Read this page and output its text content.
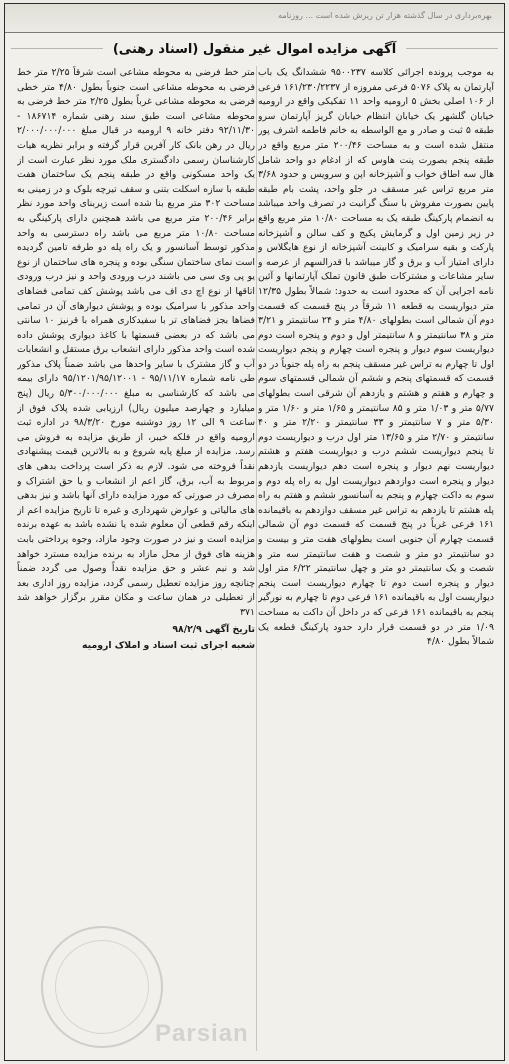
بهره‌برداری در سال گذشته هزار تن ریزش شده است ... روزنامه
آگهی مزایده اموال غیر منقول (اسناد رهنی)

به موجب پرونده اجرائی کلاسه ۹۵۰۰۲۳۷ ششدانگ یک باب آپارتمان به پلاک ۵۰۷۶ فرعی مفروزه از ۱۶۱/۲۳۰/۲۲۳۷ فرعی از ۱۰۶ اصلی بخش ۵ ارومیه واحد ۱۱ تفکیکی واقع در ارومیه خیابان گلشهر یک خیابان انتظام خیابان گریز آپارتمان سرو طبقه ۵ ثبت و صادر و مع الواسطه به خانم فاطمه اشرف پور منتقل شده است و به مساحت ۲۰۰/۴۶ متر مربع واقع در طبقه پنجم بصورت پنت هاوس که از ادغام دو واحد شامل هال سه اطاق خواب و آشپزخانه اپن و سرویس و حدود ۳/۶۸ متر مربع تراس غیر مسقف در جلو واحد، پشت بام طبقه پایین بصورت مفروش با سنگ گرانیت در تصرف واحد میباشد به انضمام پارکینگ طبقه یک به مساحت ۱۰/۸۰ متر مربع واقع در زیر زمین اول و گرمایش پکیج و کف سالن و آشپزخانه پارکت و بقیه سرامیک و کابینت آشپزخانه از نوع هایگلاس و دارای امتیاز آب و برق و گاز میباشد با قدرالسهم از عرصه و سایر مشاعات و مشترکات طبق قانون تملک آپارتمانها و آئین نامه اجرایی آن که محدود است به حدود: شمالاً بطول ۱۲/۳۵ متر دیواریست به قطعه ۱۱ شرقاً در پنج قسمت که قسمت دوم آن شمالی است بطولهای ۴/۸۰ متر و ۲۴ سانتیمتر و ۳/۲۱ متر و ۳۸ سانتیمتر و ۸ سانتیمتر اول و دوم و پنجره است دوم دیواریست سوم دیوار و پنجره است چهارم و پنجم دیواریست اول تا چهارم به تراس غیر مسقف پنجم به راه پله جنوباً در دو قسمت که قسمتهای پنجم و ششم آن شمالی قسمتهای سوم و چهارم و هفتم و هشتم و یازدهم آن شرقی است بطولهای ۵/۷۷ متر و ۱/۰۳ متر و ۸۵ سانتیمتر و ۱/۶۵ متر و ۱/۶۰ متر و ۵/۳۰ متر و ۷ سانتیمتر و ۳۳ سانتیمتر و ۲/۲۰ متر و ۴۰ سانتیمتر و ۲/۷۰ متر و ۱۳/۶۵ متر اول درب و دیواریست دوم تا پنجم دیواریست ششم درب و دیواریست هفتم و هشتم دیواریست نهم دیوار و پنجره است دهم دیواریست یازدهم دیوار و پنجره است دوازدهم دیواریست اول به راه پله دوم و سوم به داکت چهارم و پنجم به آسانسور ششم و هفتم به راه پله هشتم تا یازدهم به تراس غیر مسقف دوازدهم به باقیمانده ۱۶۱ فرعی غرباً در پنج قسمت که قسمت دوم آن شمالی قسمت چهارم آن جنوبی است بطولهای هفت متر و بیست و دو سانتیمتر دو متر و شصت و هفت سانتیمتر سه متر و شصت و یک سانتیمتر دو متر و چهل سانتیمتر ۶/۲۲ متر اول دیوار و پنجره است دوم تا چهارم دیواریست است پنجم دیواریست اول به باقیمانده ۱۶۱ فرعی دوم تا چهارم به نورگیر پنجم به باقیمانده ۱۶۱ فرعی که در داخل آن داکت به مساحت ۱/۰۹ متر در دو قسمت قرار دارد حدود پارکینگ قطعه یک شمالاً بطول ۴/۸۰

متر خط فرضی به محوطه مشاعی است شرقاً ۲/۲۵ متر خط فرضی به محوطه مشاعی است جنوباً بطول ۴/۸۰ متر خطی فرضی به محوطه مشاعی غرباً بطول ۲/۲۵ متر خط فرضی به محوطه مشاعی است طبق سند رهنی شماره ۱۸۶۷۱۴ - ۹۲/۱۱/۳۰ دفتر خانه ۹ ارومیه در قبال مبلغ ۲/۰۰۰/۰۰۰/۰۰۰ ریال در رهن بانک کار آفرین قرار گرفته و برابر نظریه هیات کارشناسان رسمی دادگستری ملک مورد نظر عبارت است از یک واحد مسکونی واقع در طبقه پنجم یک ساختمان هفت طبقه با سازه اسکلت بتنی و سقف تیرچه بلوک و در زمینی به مساحت ۳۰۲ متر مربع بنا شده است زیربنای واحد مورد نظر برابر ۲۰۰/۴۶ متر مربع می باشد همچنین دارای پارکینگی به مساحت ۱۰/۸۰ متر مربع می باشد راه دسترسی به واحد مذکور توسط آسانسور و یک راه پله دو طرفه تامین گردیده است نمای ساختمان سنگی بوده و پنجره های ساختمان از نوع یو پی وی سی می باشند درب ورودی واحد و نیز درب ورودی اتاقها از نوع اچ دی اف می باشد پوشش کف تمامی فضاهای واحد مذکور با سرامیک بوده و پوشش دیوارهای آن در تمامی فضاها بجز فضاهای تر با سفیدکاری همراه با قرنیز ۱۰ سانتی می باشد که در بعضی قسمتها با کاغذ دیواری پوشش داده شده است واحد مذکور دارای انشعاب برق مستقل و انشعابات آب و گاز مشترک با سایر واحدها می باشد ضمناً پلاک مذکور طی نامه شماره ۹۵/۱۱/۱۷ - ۹۵/۱۲۰۱/۹۵/۱۲۰۰۱ دارای بیمه می باشد که کارشناسی به مبلغ ۵/۳۰۰/۰۰۰/۰۰۰ ریال (پنج میلیارد و چهارصد میلیون ریال) ارزیابی شده پلاک فوق از ساعت ۹ الی ۱۲ روز دوشنبه مورخ ۹۸/۳/۲۰ در اداره ثبت ارومیه واقع در فلکه خیبر، از طریق مزایده به فروش می رسد. مزایده از مبلغ پایه شروع و به بالاترین قیمت پیشنهادی نقداً فروخته می شود. لازم به ذکر است پرداخت بدهی های مربوط به آب، برق، گاز اعم از انشعاب و یا حق اشتراک و مصرف در صورتی که مورد مزایده دارای آنها باشد و نیز بدهی های مالیاتی و عوارض شهرداری و غیره تا تاریخ مزایده اعم از اینکه رقم قطعی آن معلوم شده یا نشده باشد به عهده برنده مزایده است و نیز در صورت وجود مازاد، وجوه پرداختی بابت هزینه های فوق از محل مازاد به برنده مزایده مسترد خواهد شد و نیم عشر و حق مزایده نقداً وصول می گردد ضمناً چنانچه روز مزایده تعطیل رسمی گردد، مزایده روز اداری بعد از تعطیلی در همان ساعت و مکان مقرر برگزار خواهد شد ۳۷۱

تاریخ آگهی ۹۸/۲/۹

شعبه اجرای ثبت اسناد و املاک ارومیه

Parsian
